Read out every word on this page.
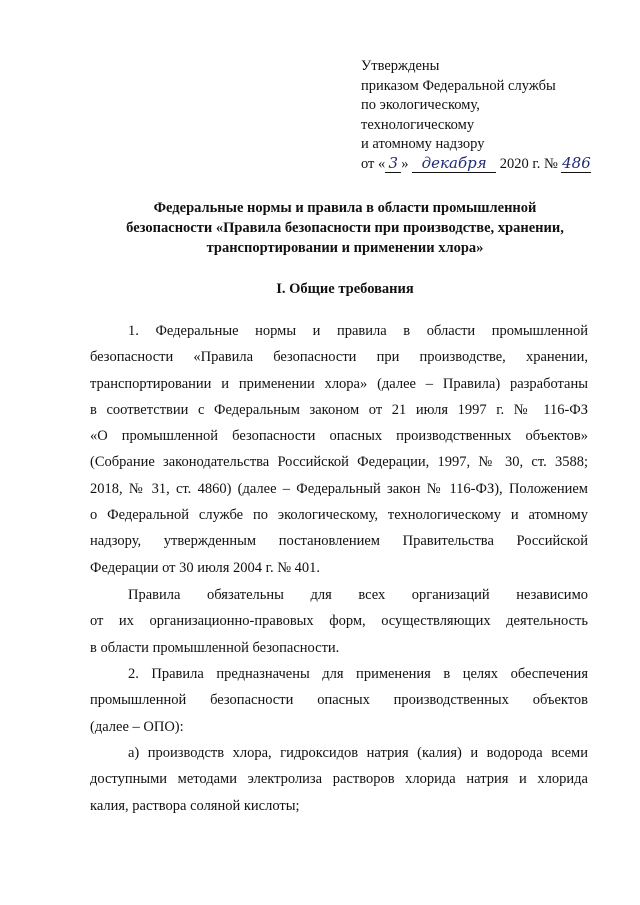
Утверждены
приказом Федеральной службы
по экологическому,
технологическому
и атомному надзору
от « 3 » декабря 2020 г. № 486
Федеральные нормы и правила в области промышленной
безопасности «Правила безопасности при производстве, хранении,
транспортировании и применении хлора»
I. Общие требования
1. Федеральные нормы и правила в области промышленной
безопасности «Правила безопасности при производстве, хранении,
транспортировании и применении хлора» (далее – Правила) разработаны
в соответствии с Федеральным законом от 21 июля 1997 г. № 116-ФЗ
«О промышленной безопасности опасных производственных объектов»
(Собрание законодательства Российской Федерации, 1997, № 30, ст. 3588;
2018, № 31, ст. 4860) (далее – Федеральный закон № 116-ФЗ), Положением
о Федеральной службе по экологическому, технологическому и атомному
надзору, утвержденным постановлением Правительства Российской
Федерации от 30 июля 2004 г. № 401.
Правила обязательны для всех организаций независимо
от их организационно-правовых форм, осуществляющих деятельность
в области промышленной безопасности.
2. Правила предназначены для применения в целях обеспечения
промышленной безопасности опасных производственных объектов
(далее – ОПО):
а) производств хлора, гидроксидов натрия (калия) и водорода всеми
доступными методами электролиза растворов хлорида натрия и хлорида
калия, раствора соляной кислоты;
